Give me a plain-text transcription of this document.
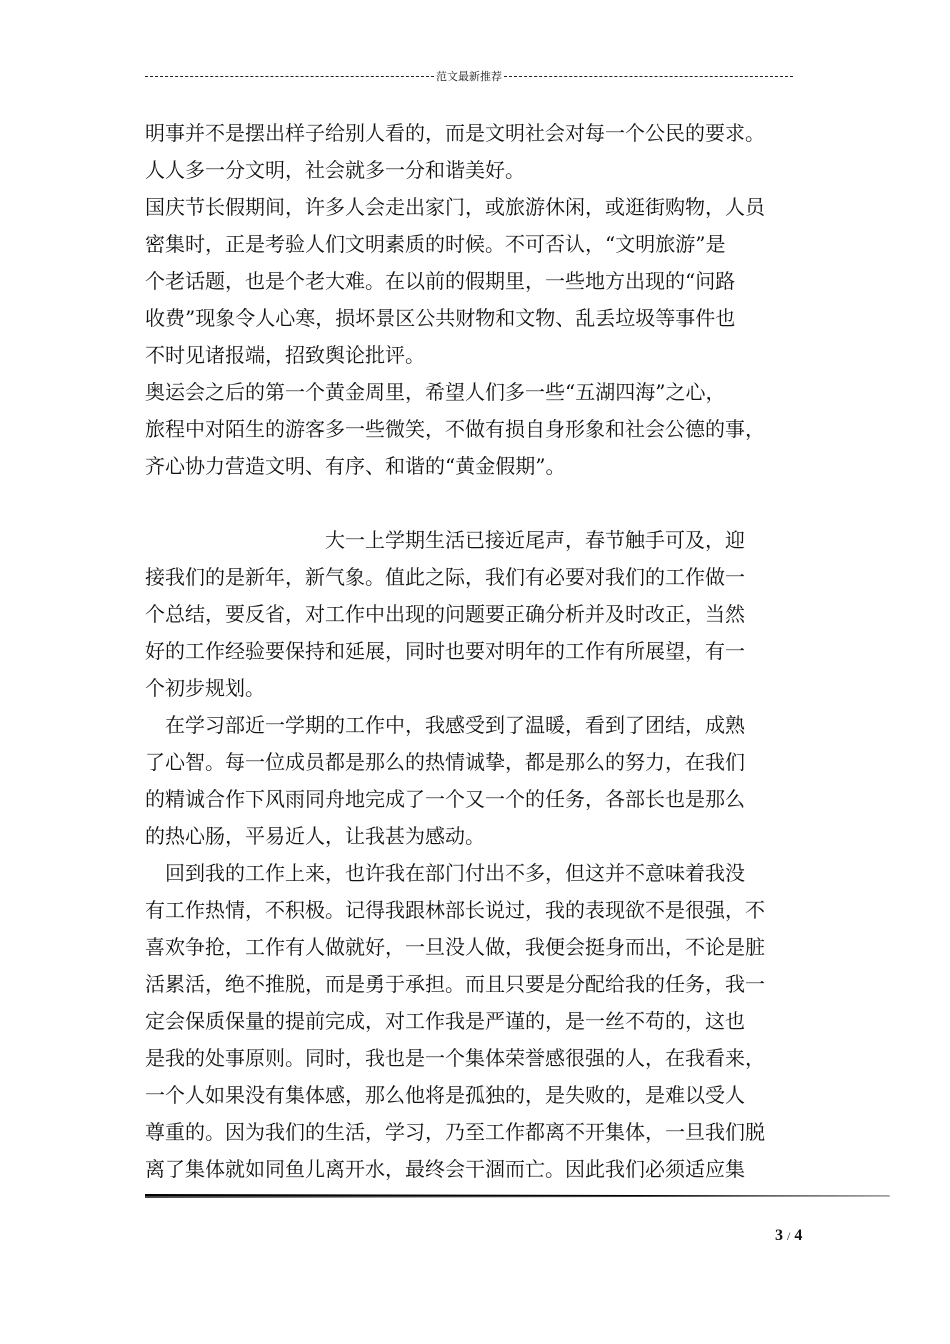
范文最新推荐
明事并不是摆出样子给别人看的，而是文明社会对每一个公民的要求。
人人多一分文明，社会就多一分和谐美好。
国庆节长假期间，许多人会走出家门，或旅游休闲，或逛街购物，人员
密集时，正是考验人们文明素质的时候。不可否认，“文明旅游”是
个老话题，也是个老大难。在以前的假期里，一些地方出现的“问路
收费”现象令人心寒，损坏景区公共财物和文物、乱丢垃圾等事件也
不时见诸报端，招致舆论批评。
奥运会之后的第一个黄金周里，希望人们多一些“五湖四海”之心，
旅程中对陌生的游客多一些微笑，不做有损自身形象和社会公德的事，
齐心协力营造文明、有序、和谐的“黄金假期”。
　　　　　　　　　大一上学期生活已接近尾声，春节触手可及，迎
接我们的是新年，新气象。值此之际，我们有必要对我们的工作做一
个总结，要反省，对工作中出现的问题要正确分析并及时改正，当然
好的工作经验要保持和延展，同时也要对明年的工作有所展望，有一
个初步规划。
　在学习部近一学期的工作中，我感受到了温暖，看到了团结，成熟
了心智。每一位成员都是那么的热情诚挚，都是那么的努力，在我们
的精诚合作下风雨同舟地完成了一个又一个的任务，各部长也是那么
的热心肠，平易近人，让我甚为感动。
　回到我的工作上来，也许我在部门付出不多，但这并不意味着我没
有工作热情，不积极。记得我跟林部长说过，我的表现欲不是很强，不
喜欢争抢，工作有人做就好，一旦没人做，我便会挺身而出，不论是脏
活累活，绝不推脱，而是勇于承担。而且只要是分配给我的任务，我一
定会保质保量的提前完成，对工作我是严谨的，是一丝不苟的，这也
是我的处事原则。同时，我也是一个集体荣誉感很强的人，在我看来，
一个人如果没有集体感，那么他将是孤独的，是失败的，是难以受人
尊重的。因为我们的生活，学习，乃至工作都离不开集体，一旦我们脱
离了集体就如同鱼儿离开水，最终会干涸而亡。因此我们必须适应集
3 / 4
